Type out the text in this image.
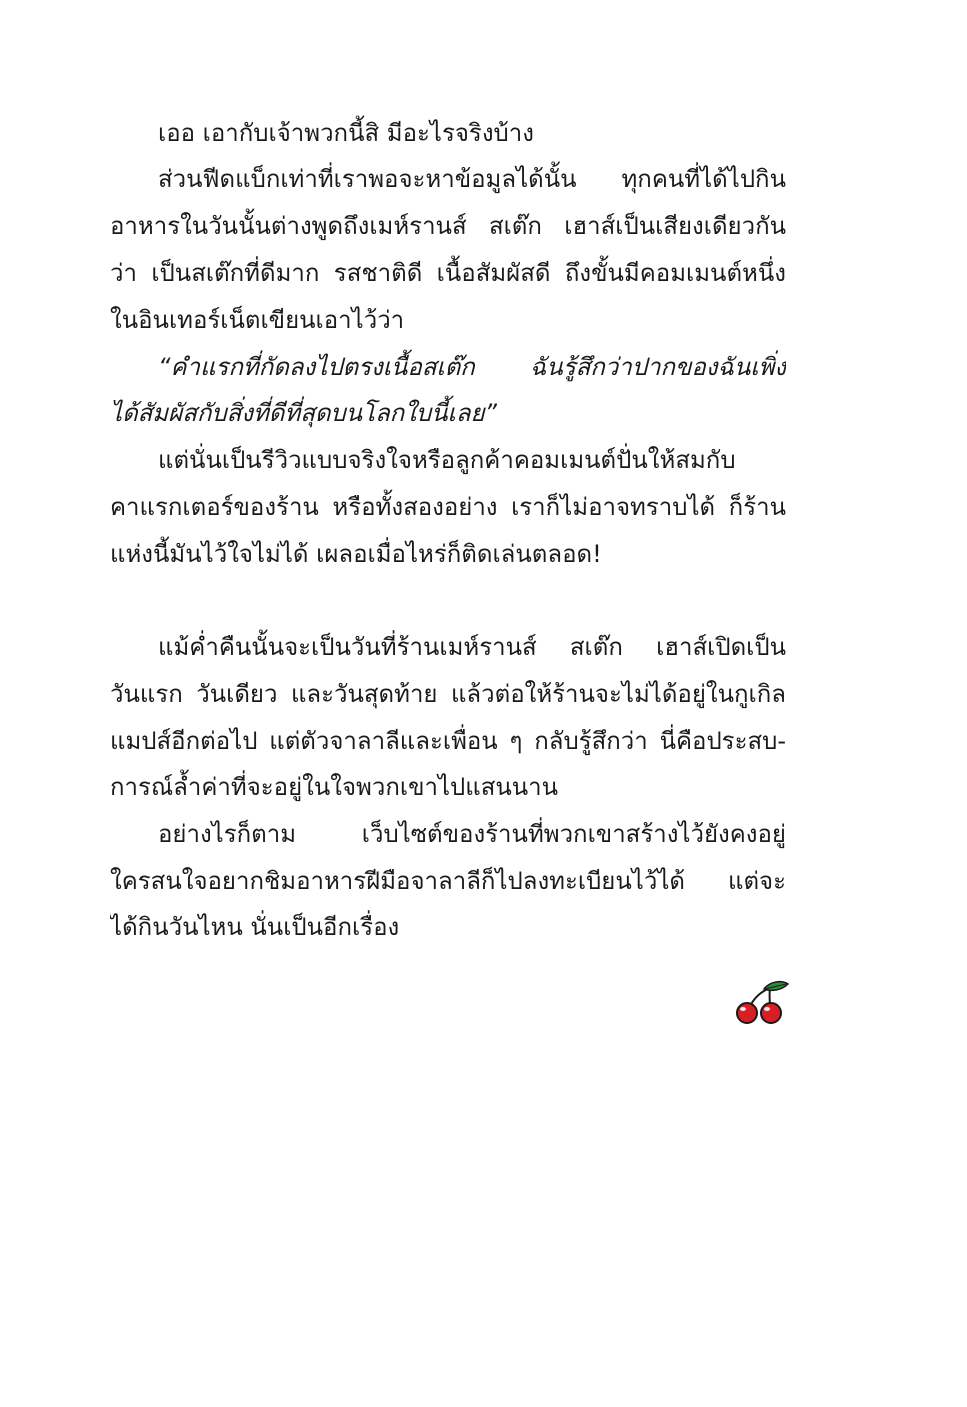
เออ เอากับเจ้าพวกนี้สิ มีอะไรจริงบ้าง
ส่วนฟีดแบ็กเท่าที่เราพอจะหาข้อมูลได้นั้น ทุกคนที่ได้ไปกิน
อาหารในวันนั้นต่างพูดถึงเมห์รานส์ สเต๊ก เฮาส์เป็นเสียงเดียวกัน
ว่า เป็นสเต๊กที่ดีมาก รสชาติดี เนื้อสัมผัสดี ถึงขั้นมีคอมเมนต์หนึ่ง
ในอินเทอร์เน็ตเขียนเอาไว้ว่า
“คำแรกที่กัดลงไปตรงเนื้อสเต๊ก ฉันรู้สึกว่าปากของฉันเพิ่ง
ได้สัมผัสกับสิ่งที่ดีที่สุดบนโลกใบนี้เลย”
แต่นั่นเป็นรีวิวแบบจริงใจหรือลูกค้าคอมเมนต์ปั่นให้สมกับ
คาแรกเตอร์ของร้าน หรือทั้งสองอย่าง เราก็ไม่อาจทราบได้ ก็ร้าน
แห่งนี้มันไว้ใจไม่ได้ เผลอเมื่อไหร่ก็ติดเล่นตลอด!
แม้ค่ำคืนนั้นจะเป็นวันที่ร้านเมห์รานส์ สเต๊ก เฮาส์เปิดเป็น
วันแรก วันเดียว และวันสุดท้าย แล้วต่อให้ร้านจะไม่ได้อยู่ในกูเกิล
แมปส์อีกต่อไป แต่ตัวจาลาลีและเพื่อน ๆ กลับรู้สึกว่า นี่คือประสบ-
การณ์ล้ำค่าที่จะอยู่ในใจพวกเขาไปแสนนาน
อย่างไรก็ตาม เว็บไซต์ของร้านที่พวกเขาสร้างไว้ยังคงอยู่
ใครสนใจอยากชิมอาหารฝีมือจาลาลีก็ไปลงทะเบียนไว้ได้ แต่จะ
ได้กินวันไหน นั่นเป็นอีกเรื่อง
